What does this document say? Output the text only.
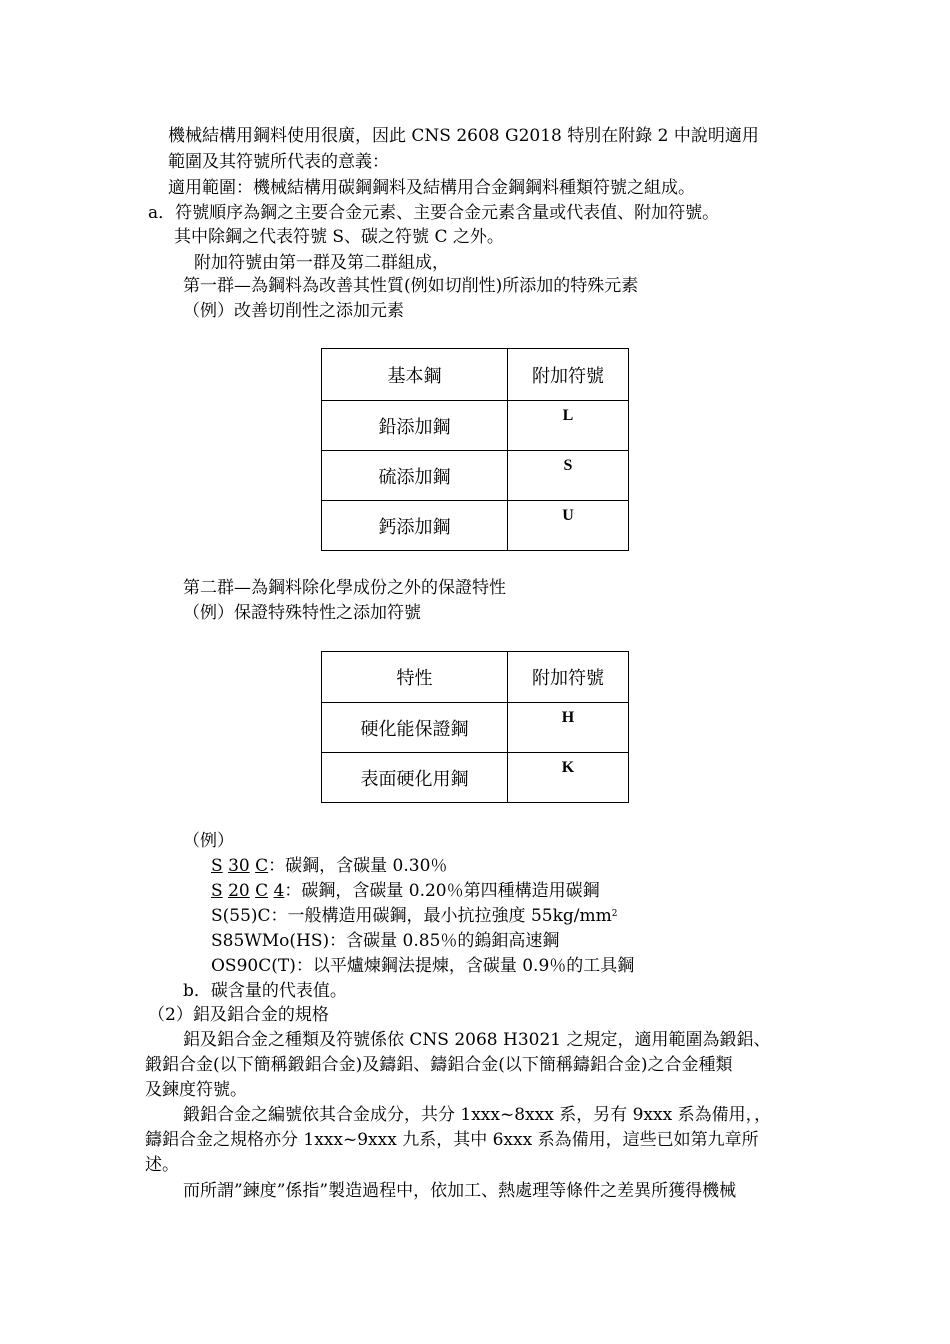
機械結構用鋼料使用很廣，因此 CNS 2608 G2018 特別在附錄 2 中說明適用
範圍及其符號所代表的意義：
適用範圍：機械結構用碳鋼鋼料及結構用合金鋼鋼料種類符號之組成。
a．符號順序為鋼之主要合金元素、主要合金元素含量或代表值、附加符號。
其中除鋼之代表符號 S、碳之符號 C 之外。
附加符號由第一群及第二群組成，
第一群—為鋼料為改善其性質(例如切削性)所添加的特殊元素
（例）改善切削性之添加元素
基本鋼	附加符號
鉛添加鋼	L
硫添加鋼	S
鈣添加鋼	U
第二群—為鋼料除化學成份之外的保證特性
（例）保證特殊特性之添加符號
特性	附加符號
硬化能保證鋼	H
表面硬化用鋼	K
（例）
S 30 C：碳鋼，含碳量 0.30％
S 20 C 4：碳鋼，含碳量 0.20％第四種構造用碳鋼
S(55)C：一般構造用碳鋼，最小抗拉強度 $55kg/mm^2$
S85WMo(HS)：含碳量 0.85％的鎢鉬高速鋼
OS90C(T)：以平爐煉鋼法提煉，含碳量 0.9％的工具鋼
b．碳含量的代表值。
（2）鋁及鋁合金的規格
鋁及鋁合金之種類及符號係依 CNS 2068 H3021 之規定，適用範圍為鍛鋁、
鍛鋁合金(以下簡稱鍛鋁合金)及鑄鋁、鑄鋁合金(以下簡稱鑄鋁合金)之合金種類
及鍊度符號。
鍛鋁合金之編號依其合金成分，共分 1xxx~8xxx 系，另有 9xxx 系為備用，，
鑄鋁合金之規格亦分 1xxx~9xxx 九系，其中 6xxx 系為備用，這些已如第九章所
述。
而所謂”鍊度”係指”製造過程中，依加工、熱處理等條件之差異所獲得機械
